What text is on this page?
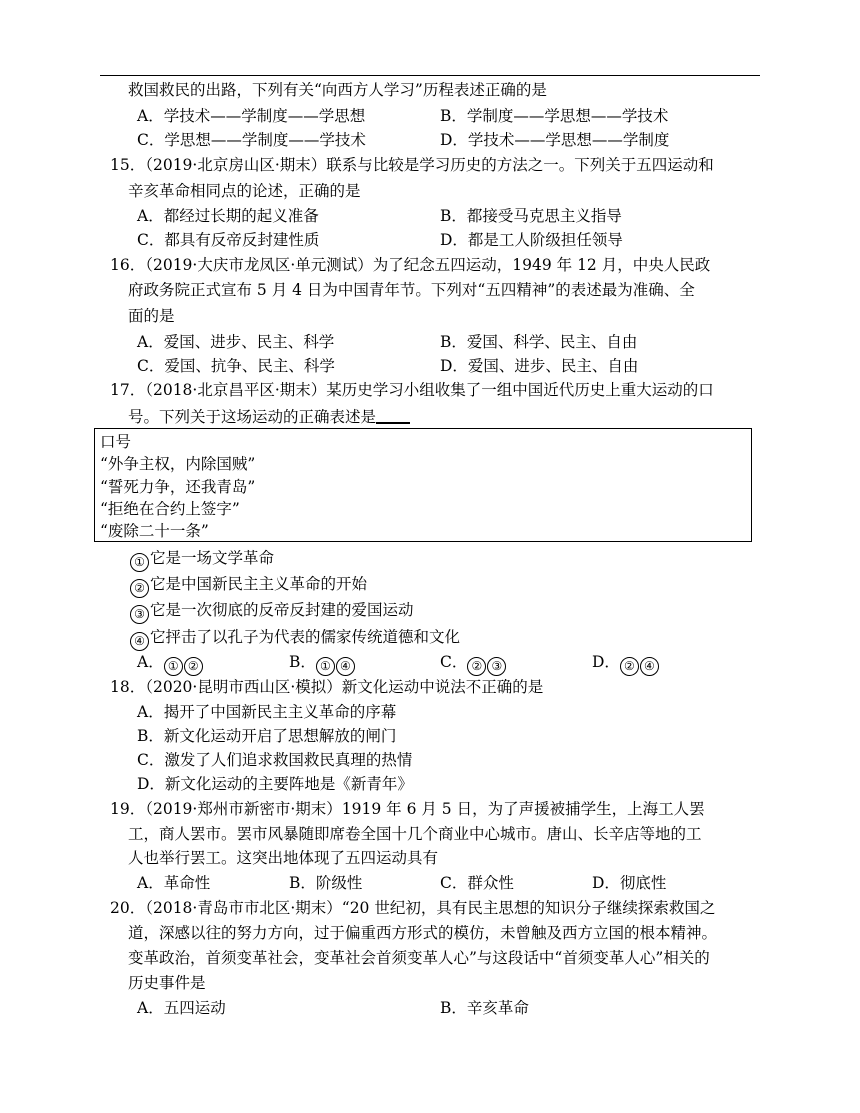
救国救民的出路，下列有关“向西方人学习”历程表述正确的是
A．学技术——学制度——学思想	B．学制度——学思想——学技术
C．学思想——学制度——学技术	D．学技术——学思想——学制度
15．（2019·北京房山区·期末）联系与比较是学习历史的方法之一。下列关于五四运动和
辛亥革命相同点的论述，正确的是
A．都经过长期的起义准备	B．都接受马克思主义指导
C．都具有反帝反封建性质	D．都是工人阶级担任领导
16．（2019·大庆市龙凤区·单元测试）为了纪念五四运动，1949 年 12 月，中央人民政
府政务院正式宣布 5 月 4 日为中国青年节。下列对“五四精神”的表述最为准确、全
面的是
A．爱国、进步、民主、科学	B．爱国、科学、民主、自由
C．爱国、抗争、民主、科学	D．爱国、进步、民主、自由
17．（2018·北京昌平区·期末）某历史学习小组收集了一组中国近代历史上重大运动的口
号。下列关于这场运动的正确表述是
口号
“外争主权，内除国贼”
“誓死力争，还我青岛”
“拒绝在合约上签字”
“废除二十一条”
① 它是一场文学革命
② 它是中国新民主主义革命的开始
③ 它是一次彻底的反帝反封建的爱国运动
④ 它抨击了以孔子为代表的儒家传统道德和文化
A． ① ②	B． ① ④	C． ② ③	D． ② ④
18．（2020·昆明市西山区·模拟）新文化运动中说法不正确的是
A．揭开了中国新民主主义革命的序幕
B．新文化运动开启了思想解放的闸门
C．激发了人们追求救国救民真理的热情
D．新文化运动的主要阵地是《新青年》
19．（2019·郑州市新密市·期末）1919 年 6 月 5 日，为了声援被捕学生，上海工人罢
工，商人罢市。罢市风暴随即席卷全国十几个商业中心城市。唐山、长辛店等地的工
人也举行罢工。这突出地体现了五四运动具有
A．革命性	B．阶级性	C．群众性	D．彻底性
20．（2018·青岛市市北区·期末）“20 世纪初，具有民主思想的知识分子继续探索救国之
道，深感以往的努力方向，过于偏重西方形式的模仿，未曾触及西方立国的根本精神。
变革政治，首须变革社会，变革社会首须变革人心”与这段话中“首须变革人心”相关的
历史事件是
A．五四运动	B．辛亥革命
